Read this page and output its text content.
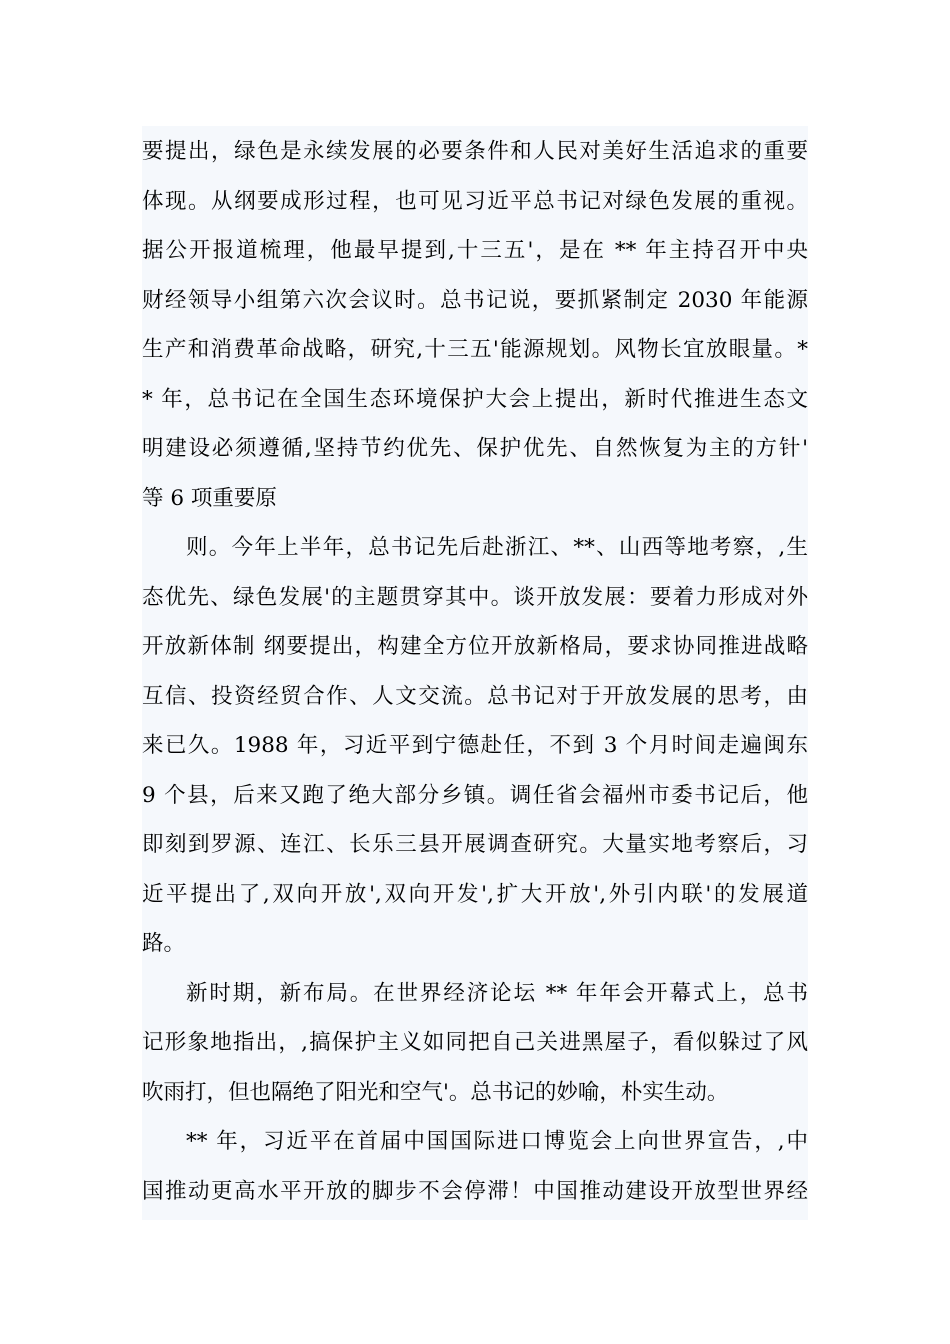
要提出，绿色是永续发展的必要条件和人民对美好生活追求的重要
体现。从纲要成形过程，也可见习近平总书记对绿色发展的重视。
据公开报道梳理，他最早提到,十三五'，是在 ** 年主持召开中央
财经领导小组第六次会议时。总书记说，要抓紧制定 2030 年能源
生产和消费革命战略，研究,十三五'能源规划。风物长宜放眼量。*
* 年，总书记在全国生态环境保护大会上提出，新时代推进生态文
明建设必须遵循,坚持节约优先、保护优先、自然恢复为主的方针'
等 6 项重要原
则。今年上半年，总书记先后赴浙江、**、山西等地考察，,生
态优先、绿色发展'的主题贯穿其中。谈开放发展：要着力形成对外
开放新体制 纲要提出，构建全方位开放新格局，要求协同推进战略
互信、投资经贸合作、人文交流。总书记对于开放发展的思考，由
来已久。1988 年，习近平到宁德赴任，不到 3 个月时间走遍闽东
9 个县，后来又跑了绝大部分乡镇。调任省会福州市委书记后，他
即刻到罗源、连江、长乐三县开展调查研究。大量实地考察后，习
近平提出了,双向开放',双向开发',扩大开放',外引内联'的发展道
路。
新时期，新布局。在世界经济论坛 ** 年年会开幕式上，总书
记形象地指出，,搞保护主义如同把自己关进黑屋子，看似躲过了风
吹雨打，但也隔绝了阳光和空气'。总书记的妙喻，朴实生动。
** 年，习近平在首届中国国际进口博览会上向世界宣告，,中
国推动更高水平开放的脚步不会停滞！中国推动建设开放型世界经
